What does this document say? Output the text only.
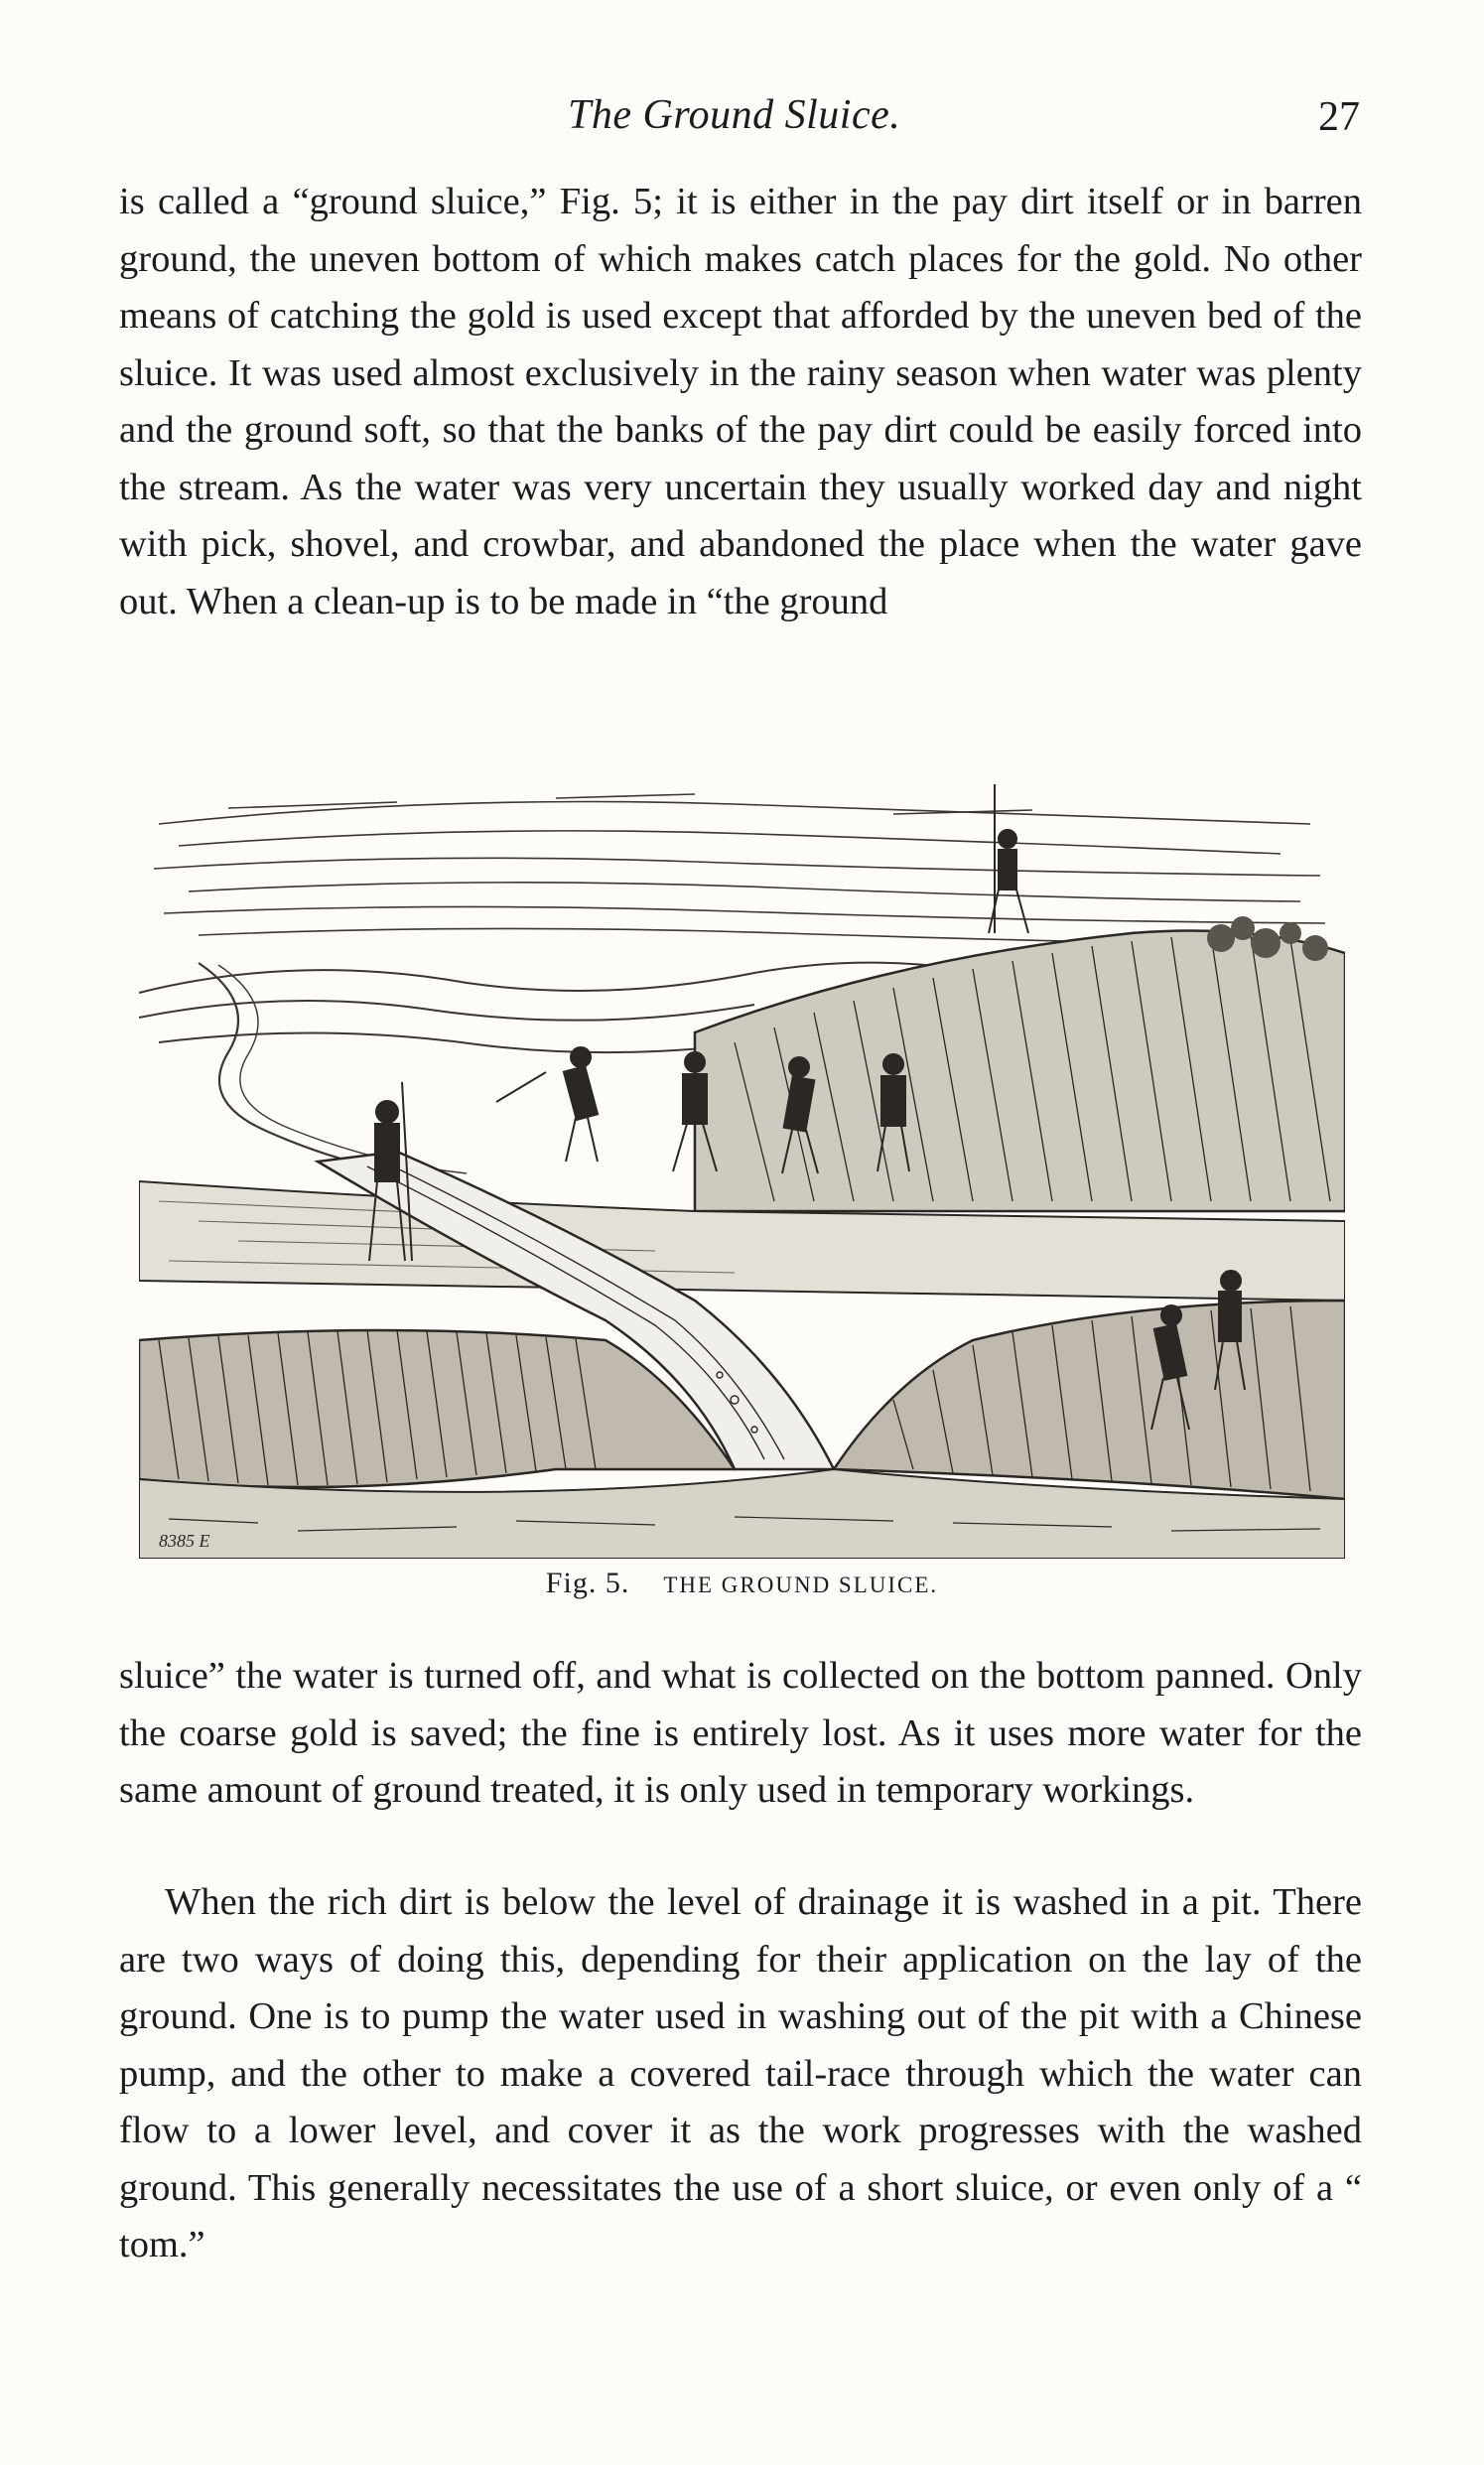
The Ground Sluice.	27

is called a “ground sluice,” Fig. 5; it is either in the pay dirt itself or in barren ground, the uneven bottom of which makes catch places for the gold. No other means of catching the gold is used except that afforded by the uneven bed of the sluice. It was used almost exclusively in the rainy season when water was plenty and the ground soft, so that the banks of the pay dirt could be easily forced into the stream. As the water was very uncertain they usually worked day and night with pick, shovel, and crowbar, and abandoned the place when the water gave out. When a clean-up is to be made in “the ground

8385 E
Fig. 5. THE GROUND SLUICE.

sluice” the water is turned off, and what is collected on the bottom panned. Only the coarse gold is saved; the fine is entirely lost. As it uses more water for the same amount of ground treated, it is only used in temporary workings.

When the rich dirt is below the level of drainage it is washed in a pit. There are two ways of doing this, depending for their application on the lay of the ground. One is to pump the water used in washing out of the pit with a Chinese pump, and the other to make a covered tail-race through which the water can flow to a lower level, and cover it as the work progresses with the washed ground. This generally necessitates the use of a short sluice, or even only of a “ tom.”
